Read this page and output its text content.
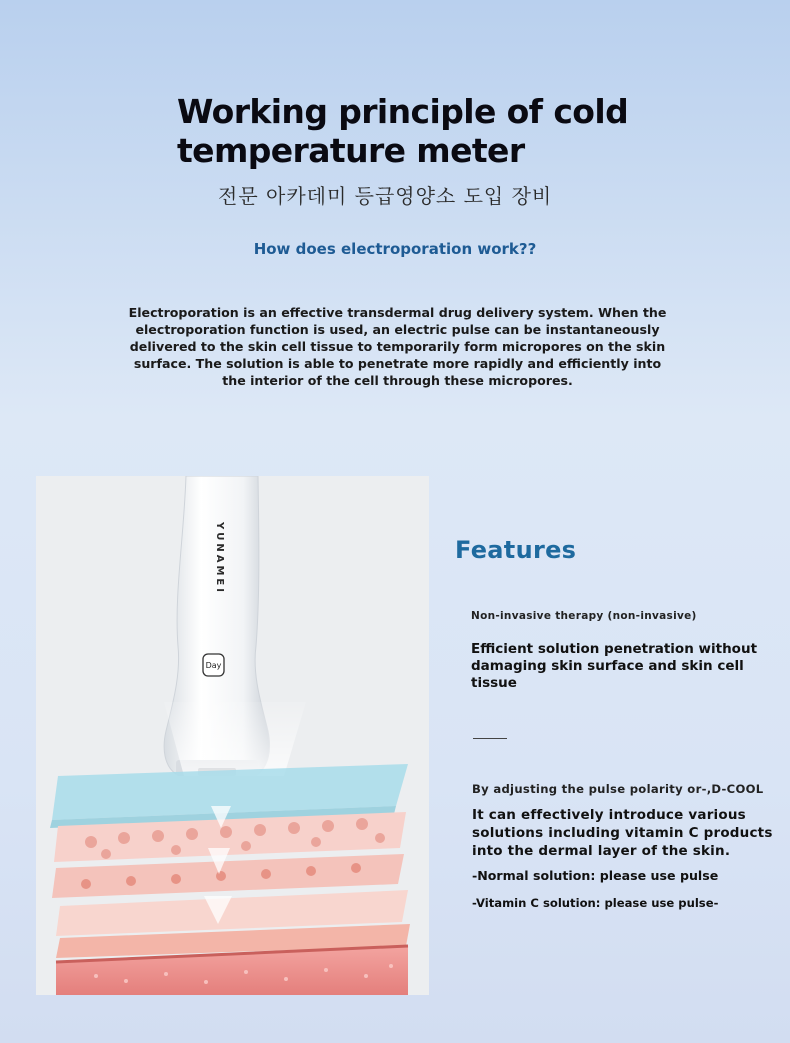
Working principle of cold temperature meter
전문 아카데미 등급영양소 도입 장비
How does electroporation work??
Electroporation is an effective transdermal drug delivery system. When the electroporation function is used, an electric pulse can be instantaneously delivered to the skin cell tissue to temporarily form micropores on the skin surface. The solution is able to penetrate more rapidly and efficiently into the interior of the cell through these micropores.
YUNAMEI
Day
Features
Non-invasive therapy (non-invasive)
Efficient solution penetration without damaging skin surface and skin cell tissue
By adjusting the pulse polarity or-,D-COOL
It can effectively introduce various solutions including vitamin C products into the dermal layer of the skin.
-Normal solution: please use pulse
-Vitamin C solution: please use pulse-
